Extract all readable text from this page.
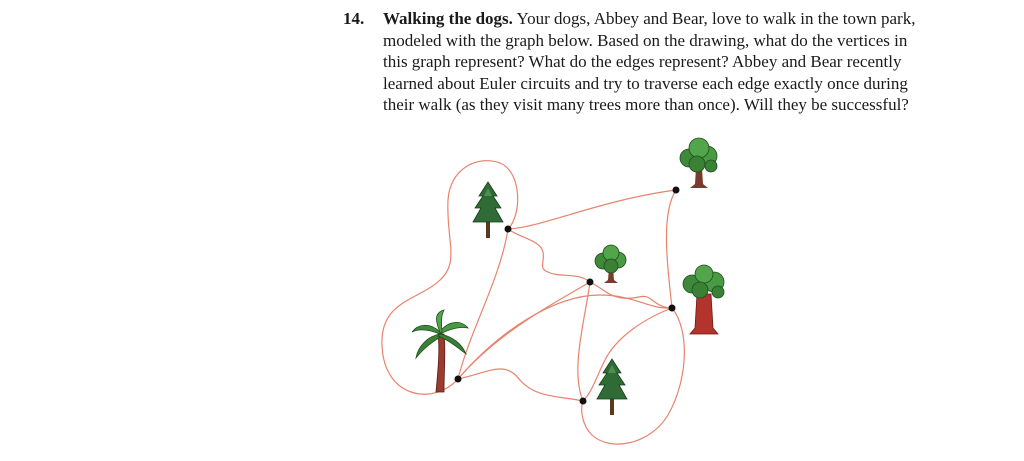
14. Walking the dogs. Your dogs, Abbey and Bear, love to walk in the town park,
modeled with the graph below. Based on the drawing, what do the vertices in
this graph represent? What do the edges represent? Abbey and Bear recently
learned about Euler circuits and try to traverse each edge exactly once during
their walk (as they visit many trees more than once). Will they be successful?
